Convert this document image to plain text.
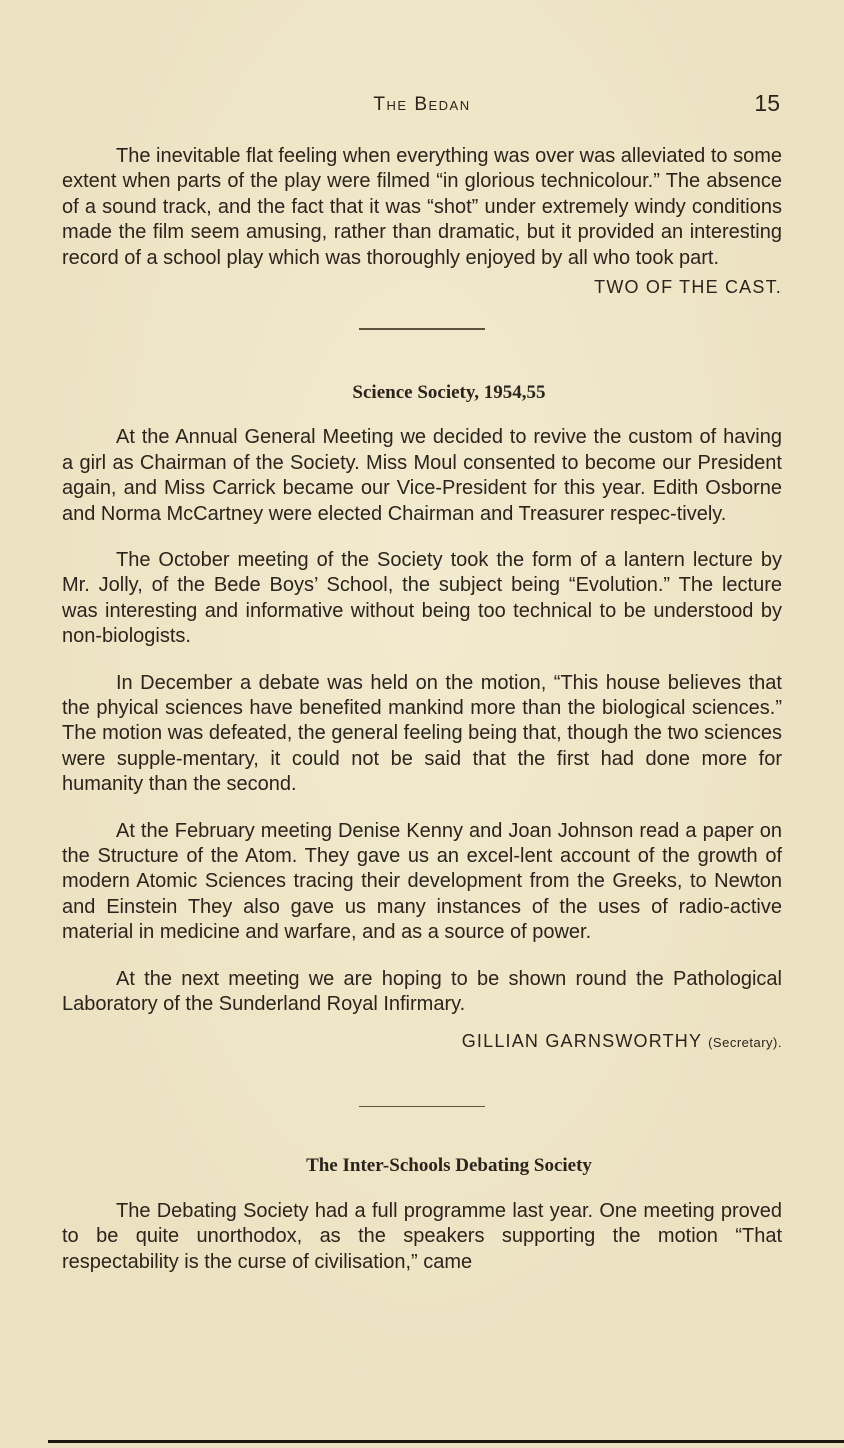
The Bedan	15

The inevitable flat feeling when everything was over was alleviated to some extent when parts of the play were filmed “in glorious technicolour.” The absence of a sound track, and the fact that it was “shot” under extremely windy conditions made the film seem amusing, rather than dramatic, but it provided an interesting record of a school play which was thoroughly enjoyed by all who took part.

TWO OF THE CAST.

Science Society, 1954,55

At the Annual General Meeting we decided to revive the custom of having a girl as Chairman of the Society. Miss Moul consented to become our President again, and Miss Carrick became our Vice-President for this year. Edith Osborne and Norma McCartney were elected Chairman and Treasurer respec-tively.

The October meeting of the Society took the form of a lantern lecture by Mr. Jolly, of the Bede Boys’ School, the subject being “Evolution.” The lecture was interesting and informative without being too technical to be understood by non-biologists.

In December a debate was held on the motion, “This house believes that the phyical sciences have benefited mankind more than the biological sciences.” The motion was defeated, the general feeling being that, though the two sciences were supple-mentary, it could not be said that the first had done more for humanity than the second.

At the February meeting Denise Kenny and Joan Johnson read a paper on the Structure of the Atom. They gave us an excel-lent account of the growth of modern Atomic Sciences tracing their development from the Greeks, to Newton and Einstein They also gave us many instances of the uses of radio-active material in medicine and warfare, and as a source of power.

At the next meeting we are hoping to be shown round the Pathological Laboratory of the Sunderland Royal Infirmary.

GILLIAN GARNSWORTHY (Secretary).

The Inter-Schools Debating Society

The Debating Society had a full programme last year. One meeting proved to be quite unorthodox, as the speakers supporting the motion “That respectability is the curse of civilisation,” came
